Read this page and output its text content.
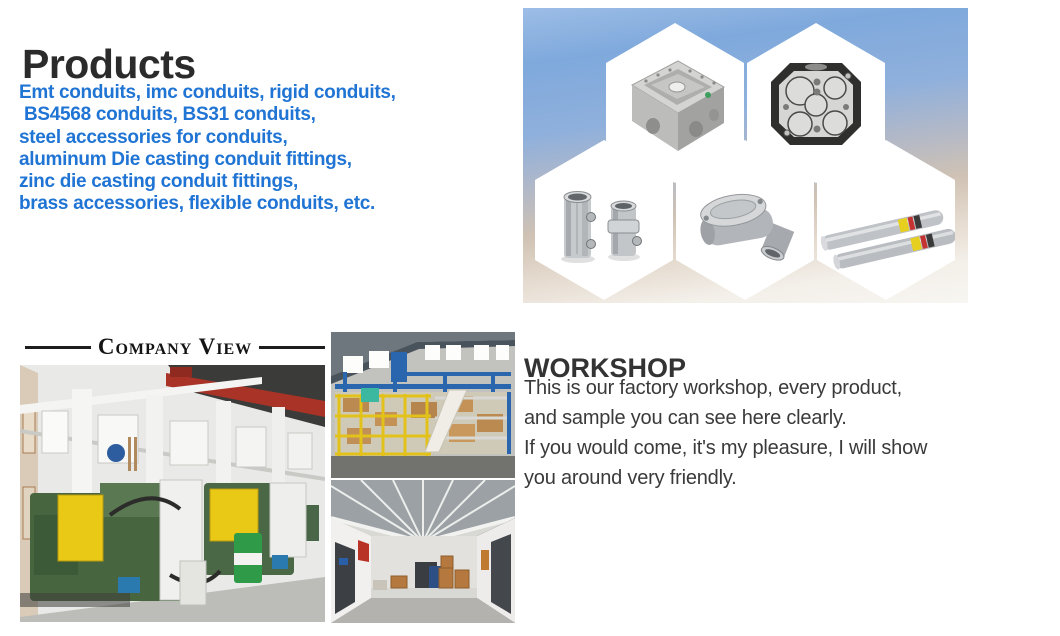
Products
Emt conduits, imc conduits, rigid conduits,
BS4568 conduits, BS31 conduits,
steel accessories for conduits,
aluminum Die casting conduit fittings,
zinc die casting conduit fittings,
brass accessories, flexible conduits, etc.
Company View
WORKSHOP
This is our factory workshop, every product,
and sample you can see here clearly.
If you would come, it's my pleasure, I will show
you around very friendly.
